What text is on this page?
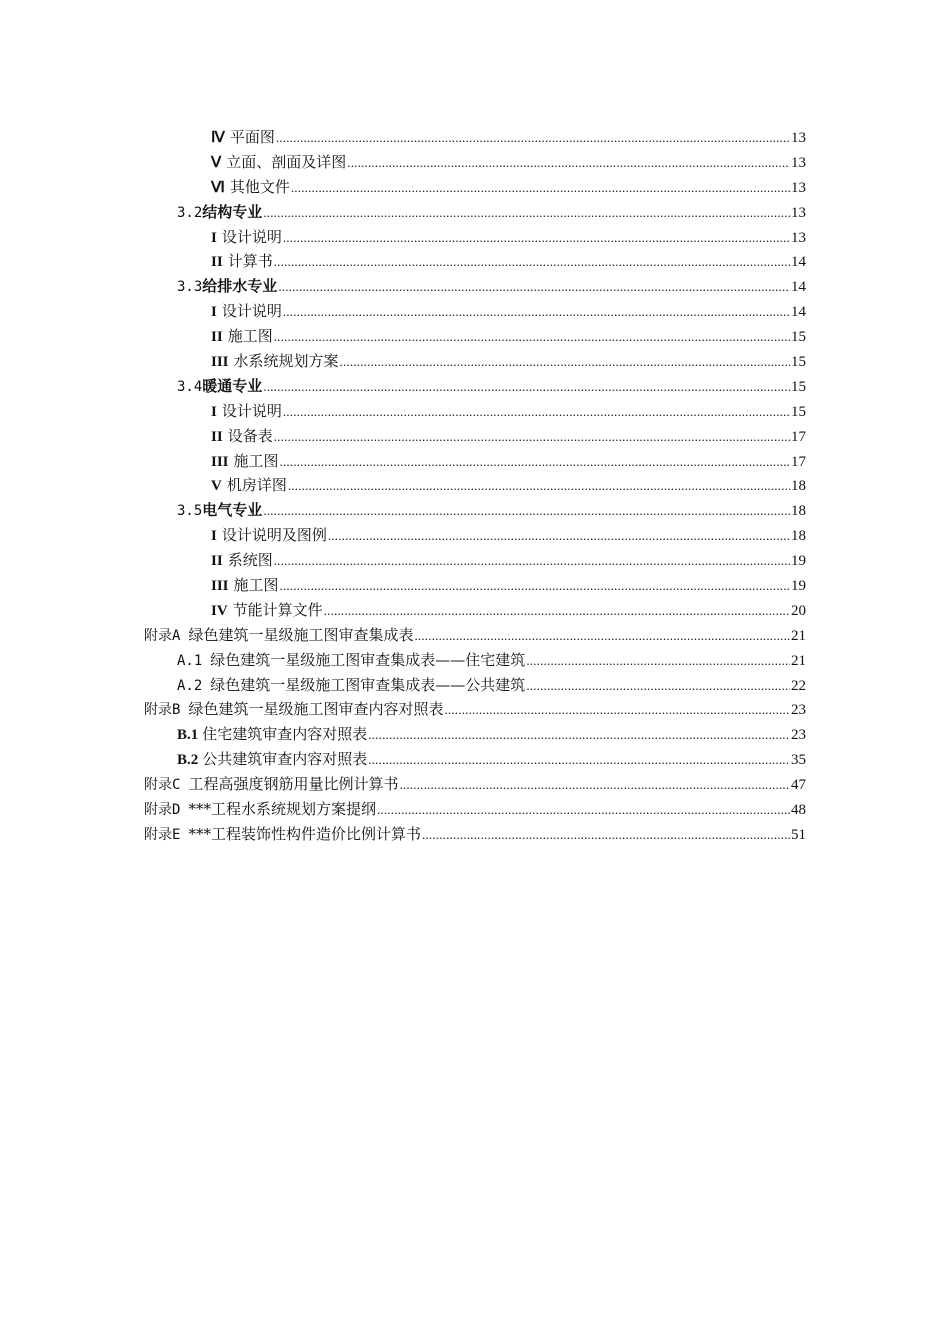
Ⅳ 平面图 .....	13
Ⅴ 立面、剖面及详图 .....	13
Ⅵ 其他文件 .....	13
3.2 结构专业 .....	13
I 设计说明 .....	13
II 计算书 .....	14
3.3 给排水专业 .....	14
I 设计说明 .....	14
II 施工图 .....	15
III 水系统规划方案 .....	15
3.4 暖通专业 .....	15
I 设计说明 .....	15
II 设备表 .....	17
III 施工图 .....	17
V 机房详图 .....	18
3.5 电气专业 .....	18
I 设计说明及图例 .....	18
II 系统图 .....	19
III 施工图 .....	19
IV 节能计算文件 .....	20
附录A 绿色建筑一星级施工图审查集成表 .....	21
A.1 绿色建筑一星级施工图审查集成表——住宅建筑 .....	21
A.2 绿色建筑一星级施工图审查集成表——公共建筑 .....	22
附录B 绿色建筑一星级施工图审查内容对照表 .....	23
B.1 住宅建筑审查内容对照表 .....	23
B.2 公共建筑审查内容对照表 .....	35
附录C 工程高强度钢筋用量比例计算书 .....	47
附录D ***工程水系统规划方案提纲 .....	48
附录E ***工程装饰性构件造价比例计算书 .....	51
